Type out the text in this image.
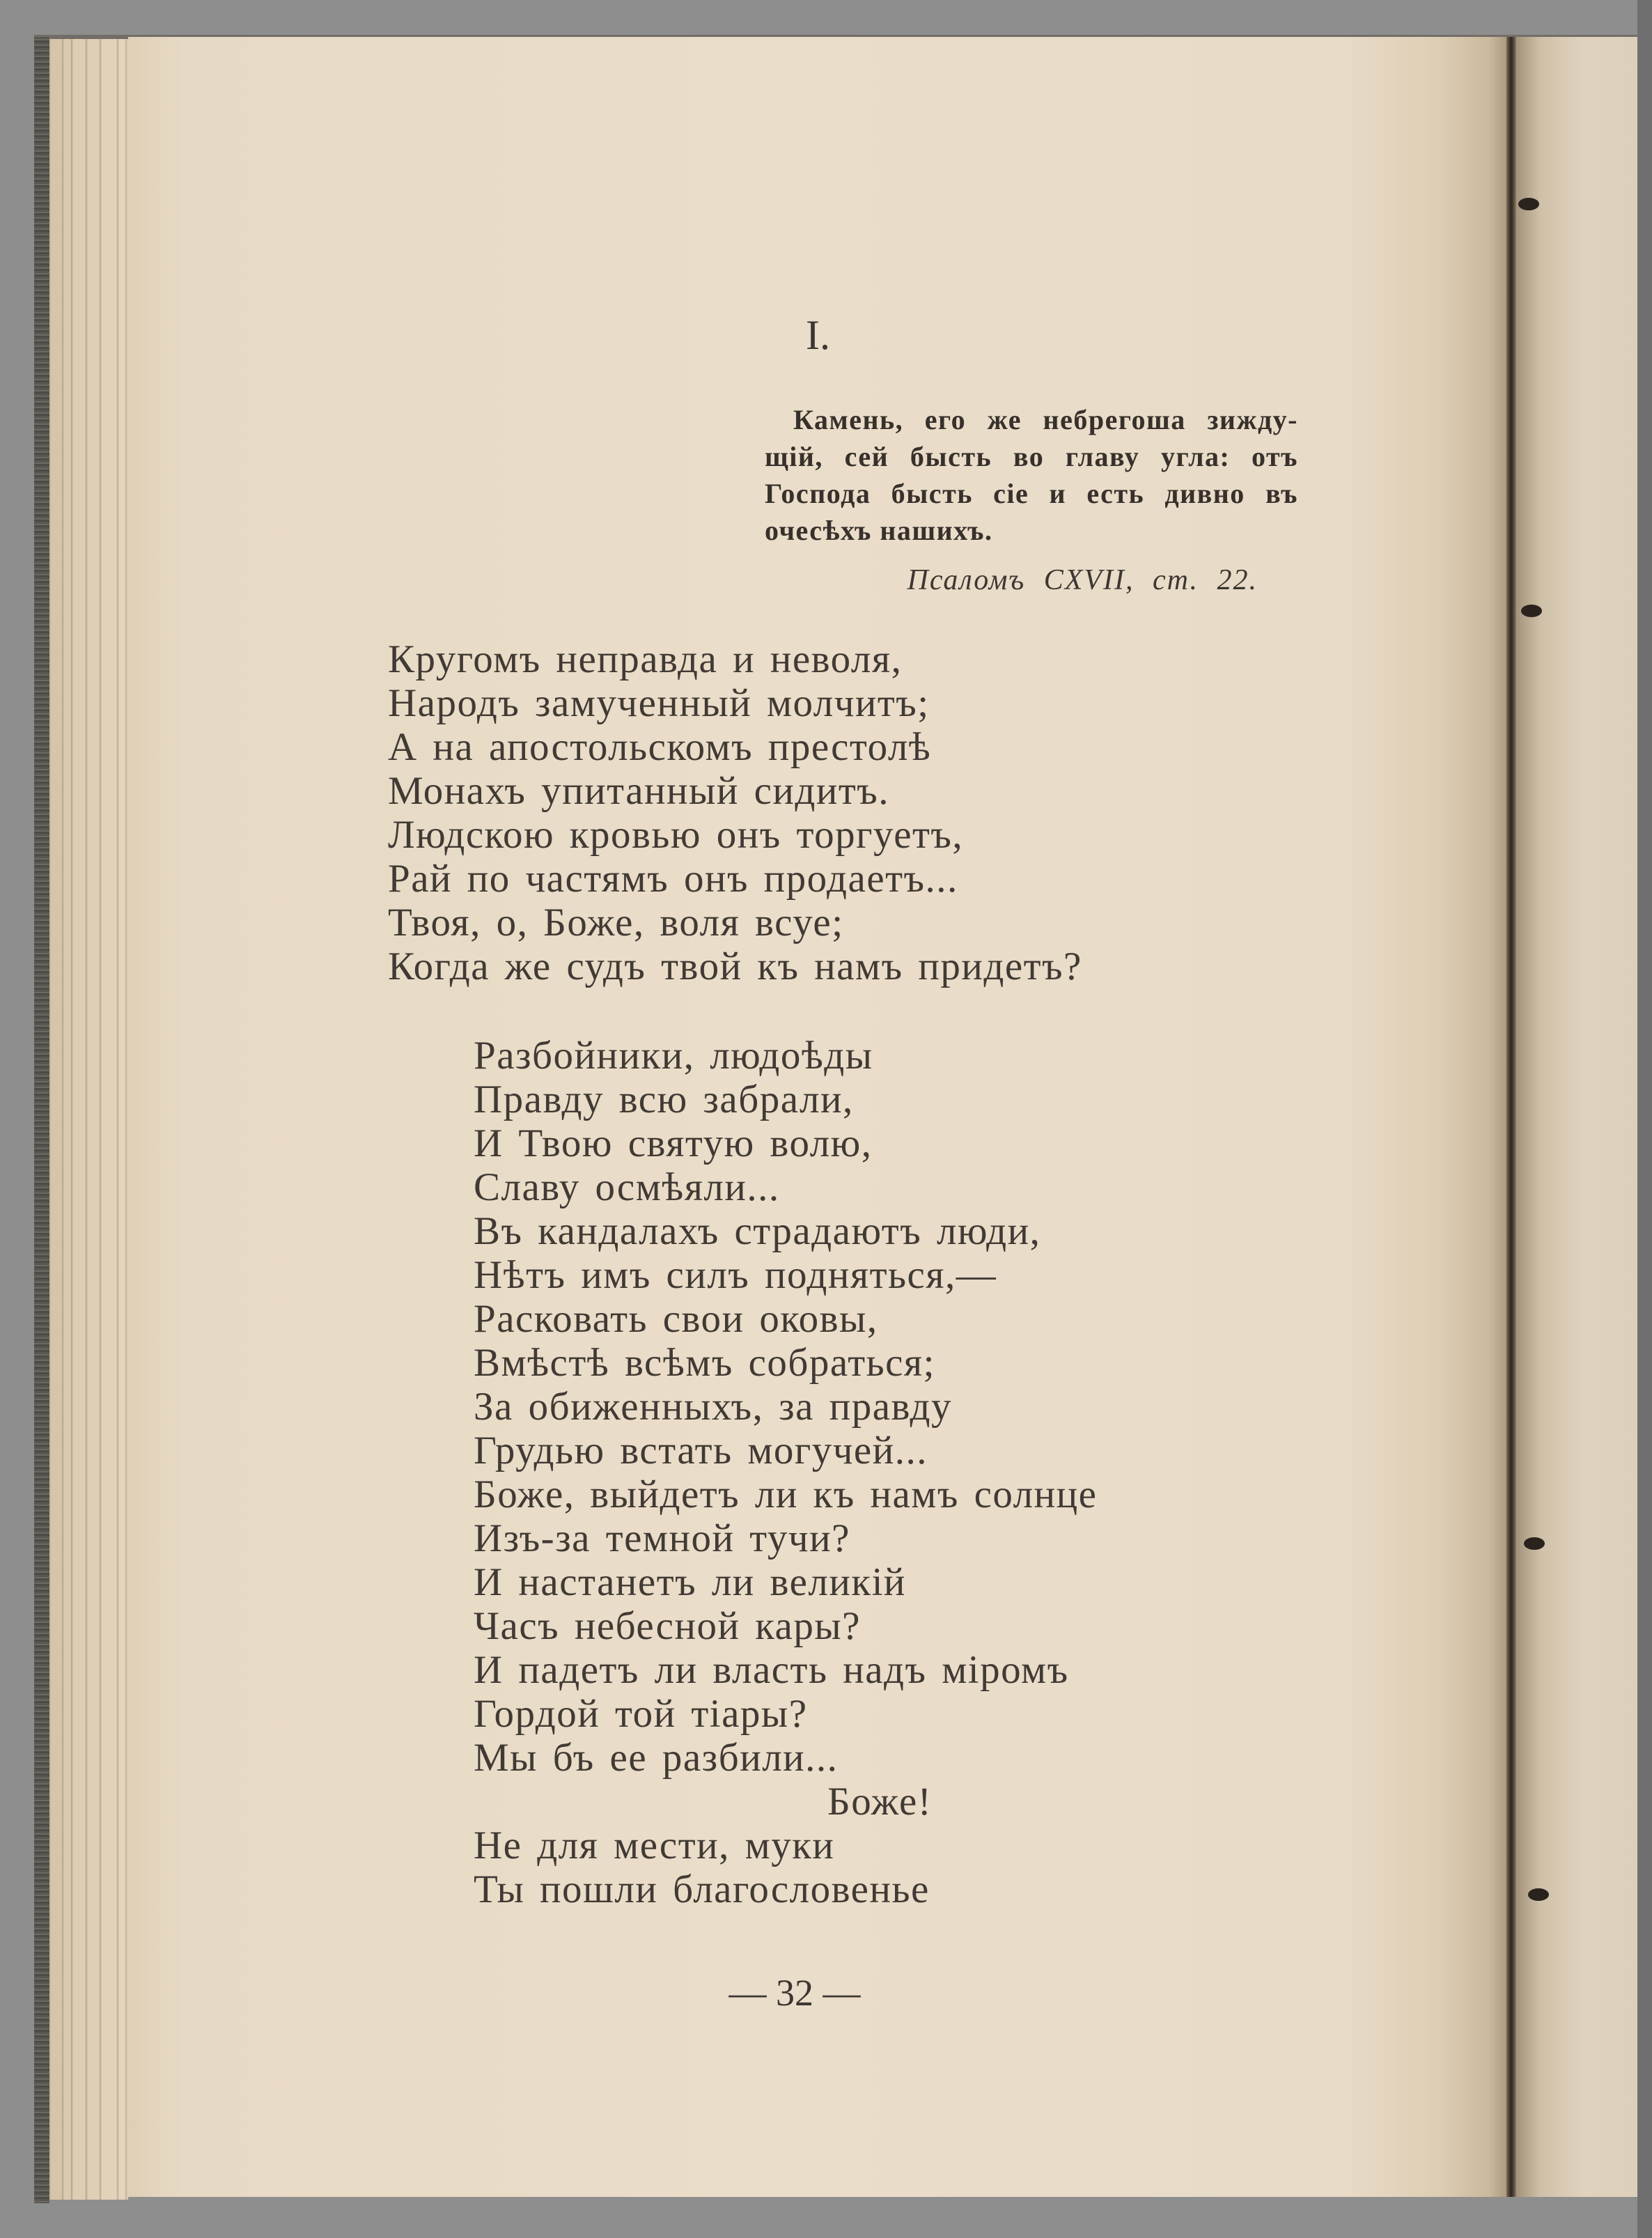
I.
Камень, его же небрегоша зижду-
щій, сей бысть во главу угла: отъ
Господа бысть сіе и есть дивно въ
очесѣхъ нашихъ.
Псаломъ CXVII, ст. 22.
Кругомъ неправда и неволя,
Народъ замученный молчитъ;
А на апостольскомъ престолѣ
Монахъ упитанный сидитъ.
Людскою кровью онъ торгуетъ,
Рай по частямъ онъ продаетъ...
Твоя, о, Боже, воля всуе;
Когда же судъ твой къ намъ придетъ?
Разбойники, людоѣды
Правду всю забрали,
И Твою святую волю,
Славу осмѣяли...
Въ кандалахъ страдаютъ люди,
Нѣтъ имъ силъ подняться,—
Расковать свои оковы,
Вмѣстѣ всѣмъ собраться;
За обиженныхъ, за правду
Грудью встать могучей...
Боже, выйдетъ ли къ намъ солнце
Изъ-за темной тучи?
И настанетъ ли великій
Часъ небесной кары?
И падетъ ли власть надъ міромъ
Гордой той тіары?
Мы бъ ее разбили...
Боже!
Не для мести, муки
Ты пошли благословенье
— 32 —
